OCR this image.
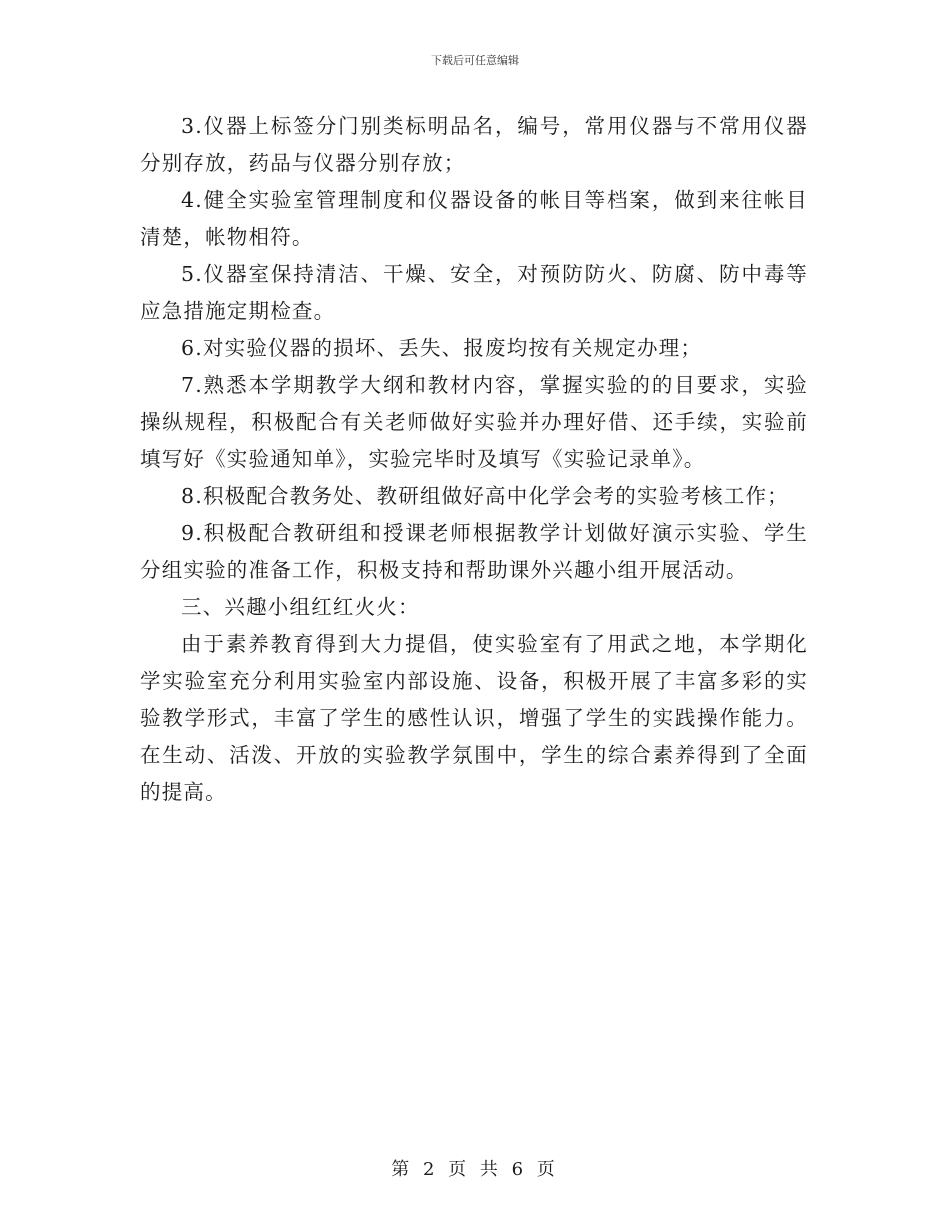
下载后可任意编辑

3.仪器上标签分门别类标明品名，编号，常用仪器与不常用仪器分别存放，药品与仪器分别存放；

4.健全实验室管理制度和仪器设备的帐目等档案，做到来往帐目清楚，帐物相符。

5.仪器室保持清洁、干燥、安全，对预防防火、防腐、防中毒等应急措施定期检查。

6.对实验仪器的损坏、丢失、报废均按有关规定办理；

7.熟悉本学期教学大纲和教材内容，掌握实验的的目要求，实验操纵规程，积极配合有关老师做好实验并办理好借、还手续，实验前填写好《实验通知单》，实验完毕时及填写《实验记录单》。

8.积极配合教务处、教研组做好高中化学会考的实验考核工作；

9.积极配合教研组和授课老师根据教学计划做好演示实验、学生分组实验的准备工作，积极支持和帮助课外兴趣小组开展活动。

三、兴趣小组红红火火：

由于素养教育得到大力提倡，使实验室有了用武之地，本学期化学实验室充分利用实验室内部设施、设备，积极开展了丰富多彩的实验教学形式，丰富了学生的感性认识，增强了学生的实践操作能力。在生动、活泼、开放的实验教学氛围中，学生的综合素养得到了全面的提高。

第 2 页 共 6 页
